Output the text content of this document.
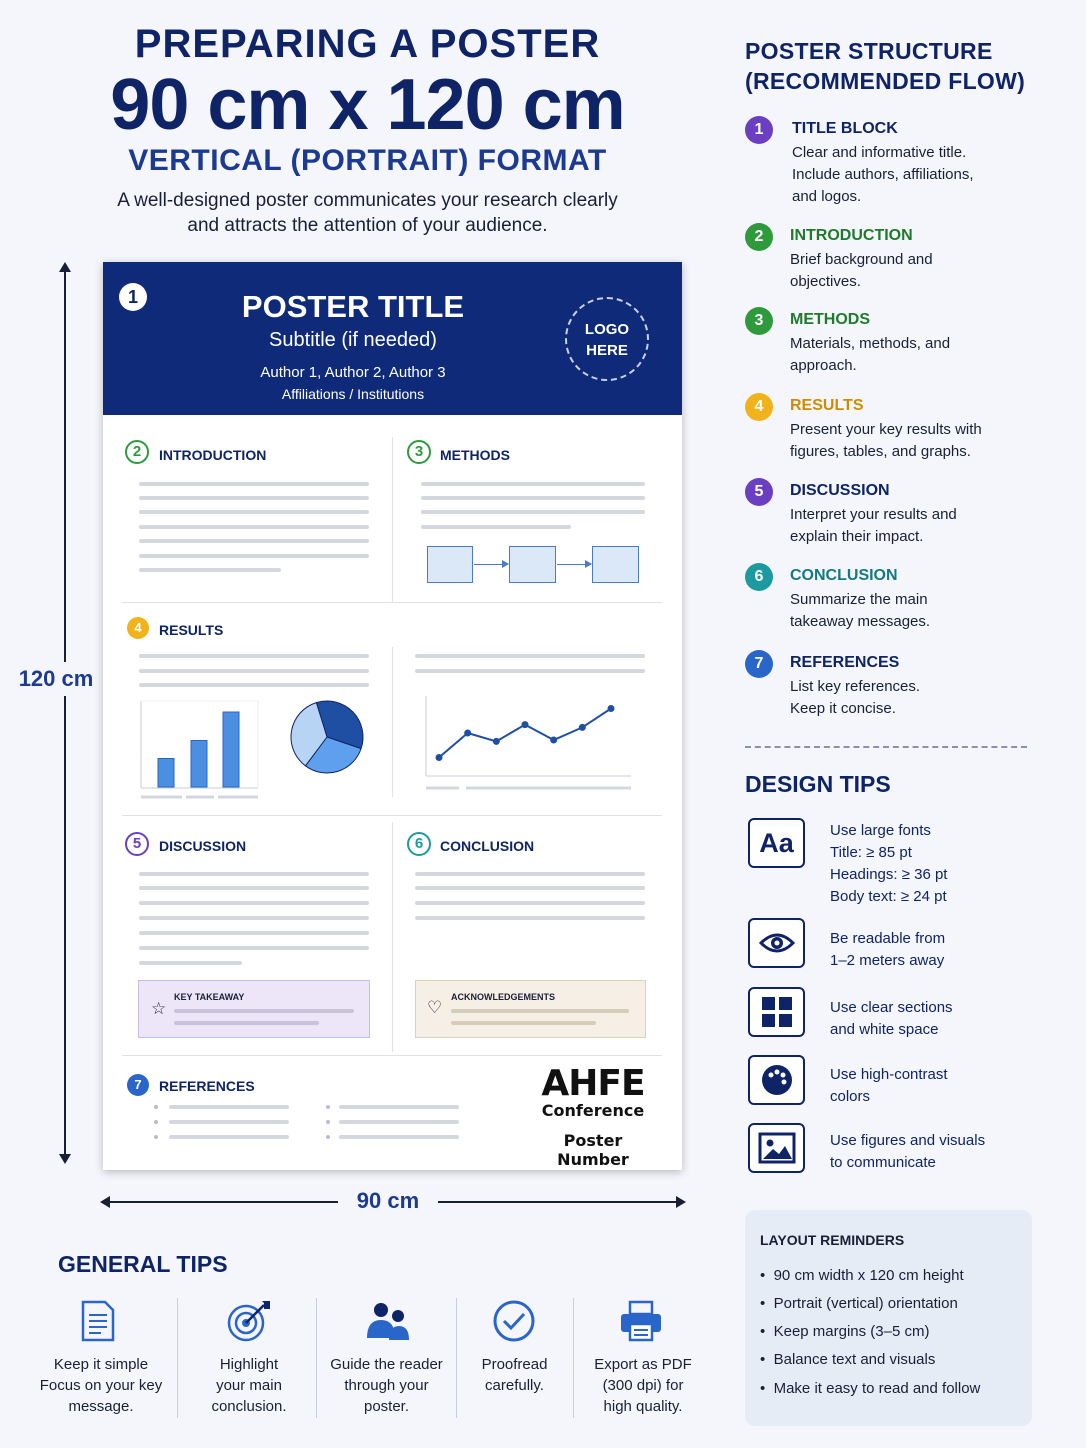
PREPARING A POSTER
90 cm x 120 cm
VERTICAL (PORTRAIT) FORMAT
A well-designed poster communicates your research clearly
and attracts the attention of your audience.
120 cm
90 cm
1	POSTER TITLE
Subtitle (if needed)
Author 1, Author 2, Author 3
Affiliations / Institutions
LOGO
HERE
2	INTRODUCTION	3	METHODS
4	RESULTS
5	DISCUSSION
☆
KEY TAKEAWAY
6	CONCLUSION
♡
ACKNOWLEDGEMENTS
7	REFERENCES	AHFE
Conference
Poster Number
POSTER STRUCTURE
(RECOMMENDED FLOW)
1	TITLE BLOCK
Clear and informative title.
Include authors, affiliations,
and logos.
2	INTRODUCTION
Brief background and
objectives.
3	METHODS
Materials, methods, and
approach.
4	RESULTS
Present your key results with
figures, tables, and graphs.
5	DISCUSSION
Interpret your results and
explain their impact.
6	CONCLUSION
Summarize the main
takeaway messages.
7	REFERENCES
List key references.
Keep it concise.
DESIGN TIPS
Aa Use large fonts
Title: ≥ 85 pt
Headings: ≥ 36 pt
Body text: ≥ 24 pt
Be readable from
1–2 meters away
Use clear sections
and white space
Use high-contrast
colors
Use figures and visuals
to communicate
LAYOUT REMINDERS
•  90 cm width x 120 cm height
•  Portrait (vertical) orientation
•  Keep margins (3–5 cm)
•  Balance text and visuals
•  Make it easy to read and follow
GENERAL TIPS
Keep it simple
Focus on your key
message.
Highlight
your main
conclusion.
Guide the reader
through your
poster.
Proofread
carefully.
Export as PDF
(300 dpi) for
high quality.
